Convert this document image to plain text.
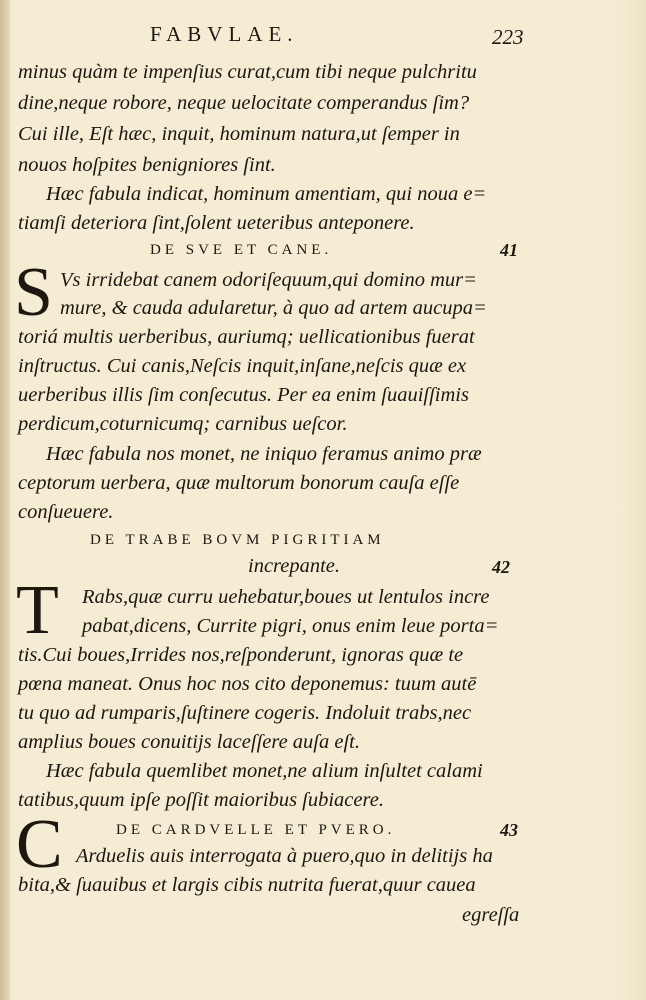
FABVLAE.	223
minus quàm te impenſius curat,cum tibi neque pulchritu
dine,neque robore, neque uelocitate comperandus ſim?
Cui ille, Eſt hæc, inquit, hominum natura,ut ſemper in
nouos hoſpites benigniores ſint.
Hæc fabula indicat, hominum amentiam, qui noua e=
tiamſi deteriora ſint,ſolent ueteribus anteponere.
DE SVE ET CANE.	41
S Vs irridebat canem odoriſequum,qui domino mur=
mure, & cauda adularetur, à quo ad artem aucupa=
toriá multis uerberibus, auriumq; uellicationibus fuerat
inſtructus. Cui canis,Neſcis inquit,inſane,neſcis quæ ex
uerberibus illis ſim conſecutus. Per ea enim ſuauiſſimis
perdicum,coturnicumq; carnibus ueſcor.
Hæc fabula nos monet, ne iniquo feramus animo præ
ceptorum uerbera, quæ multorum bonorum cauſa eſſe
conſueuere.
DE TRABE BOVM PIGRITIAM
increpante.	42
T Rabs,quæ curru uehebatur,boues ut lentulos incre
pabat,dicens, Currite pigri, onus enim leue porta=
tis.Cui boues,Irrides nos,reſponderunt, ignoras quæ te
pœna maneat. Onus hoc nos cito deponemus: tuum autē
tu quo ad rumparis,ſuſtinere cogeris. Indoluit trabs,nec
amplius boues conuitijs laceſſere auſa eſt.
Hæc fabula quemlibet monet,ne alium inſultet calami
tatibus,quum ipſe poſſit maioribus ſubiacere.
C	DE CARDVELLE ET PVERO.	43
Arduelis auis interrogata à puero,quo in delitijs ha
bita,& ſuauibus et largis cibis nutrita fuerat,quur cauea
egreſſa
